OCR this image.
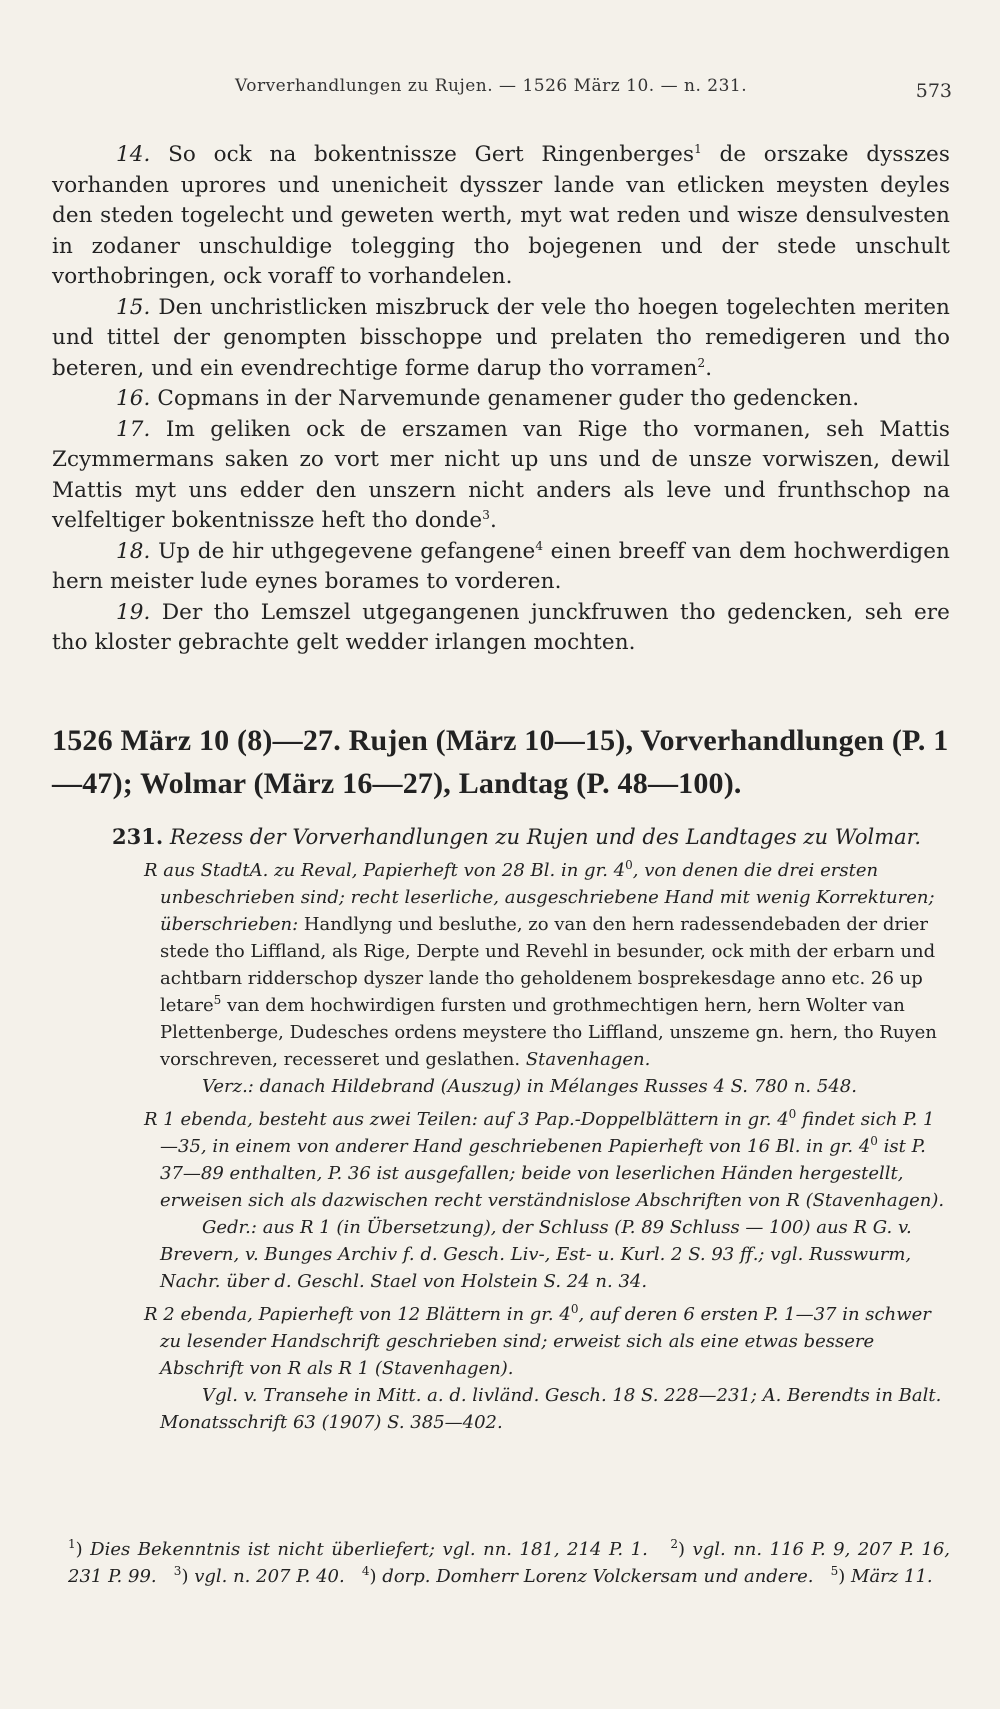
Vorverhandlungen zu Rujen. — 1526 März 10. — n. 231.	573

14. So ock na bokentnissze Gert Ringenberges$^1$ de orszake dysszes vorhanden uprores und unenicheit dysszer lande van etlicken meysten deyles den steden togelecht und geweten werth, myt wat reden und wisze densulvesten in zodaner unschuldige tolegging tho bojegenen und der stede unschult vorthobringen, ock voraff to vorhandelen.

15. Den unchristlicken miszbruck der vele tho hoegen togelechten meriten und tittel der genompten bisschoppe und prelaten tho remedigeren und tho beteren, und ein evendrechtige forme darup tho vorramen$^2$.

16. Copmans in der Narvemunde genamener guder tho gedencken.

17. Im geliken ock de erszamen van Rige tho vormanen, seh Mattis Zcymmermans saken zo vort mer nicht up uns und de unsze vorwiszen, dewil Mattis myt uns edder den unszern nicht anders als leve und frunthschop na velfeltiger bokentnissze heft tho donde$^3$.

18. Up de hir uthgegevene gefangene$^4$ einen breeff van dem hochwerdigen hern meister lude eynes borames to vorderen.

19. Der tho Lemszel utgegangenen junckfruwen tho gedencken, seh ere tho kloster gebrachte gelt wedder irlangen mochten.

1526 März 10 (8)—27. Rujen (März 10—15), Vorverhandlungen (P. 1—47); Wolmar (März 16—27), Landtag (P. 48—100).
231. Rezess der Vorverhandlungen zu Rujen und des Landtages zu Wolmar.
R aus StadtA. zu Reval, Papierheft von 28 Bl. in gr. $4^0$, von denen die drei ersten unbeschrieben sind; recht leserliche, ausgeschriebene Hand mit wenig Korrekturen; überschrieben: Handlyng und besluthe, zo van den hern radessendebaden der drier stede tho Liffland, als Rige, Derpte und Revehl in besunder, ock mith der erbarn und achtbarn ridderschop dyszer lande tho geholdenem bosprekesdage anno etc. 26 up letare$^5$ van dem hochwirdigen fursten und grothmechtigen hern, hern Wolter van Plettenberge, Dudesches ordens meystere tho Liffland, unszeme gn. hern, tho Ruyen vorschreven, recesseret und geslathen. Stavenhagen.
Verz.: danach Hildebrand (Auszug) in Mélanges Russes 4 S. 780 n. 548.
R 1 ebenda, besteht aus zwei Teilen: auf 3 Pap.-Doppelblättern in gr. $4^0$ findet sich P. 1—35, in einem von anderer Hand geschriebenen Papierheft von 16 Bl. in gr. $4^0$ ist P. 37—89 enthalten, P. 36 ist ausgefallen; beide von leserlichen Händen hergestellt, erweisen sich als dazwischen recht verständnislose Abschriften von R (Stavenhagen).
Gedr.: aus R 1 (in Übersetzung), der Schluss (P. 89 Schluss — 100) aus R G. v. Brevern, v. Bunges Archiv f. d. Gesch. Liv-, Est- u. Kurl. 2 S. 93 ff.; vgl. Russwurm, Nachr. über d. Geschl. Stael von Holstein S. 24 n. 34.
R 2 ebenda, Papierheft von 12 Blättern in gr. $4^0$, auf deren 6 ersten P. 1—37 in schwer zu lesender Handschrift geschrieben sind; erweist sich als eine etwas bessere Abschrift von R als R 1 (Stavenhagen).
Vgl. v. Transehe in Mitt. a. d. livländ. Gesch. 18 S. 228—231; A. Berendts in Balt. Monatsschrift 63 (1907) S. 385—402.
$^1$) Dies Bekenntnis ist nicht überliefert; vgl. nn. 181, 214 P. 1. $^2$) vgl. nn. 116 P. 9, 207 P. 16, 231 P. 99. $^3$) vgl. n. 207 P. 40. $^4$) dorp. Domherr Lorenz Volckersam und andere. $^5$) März 11.
